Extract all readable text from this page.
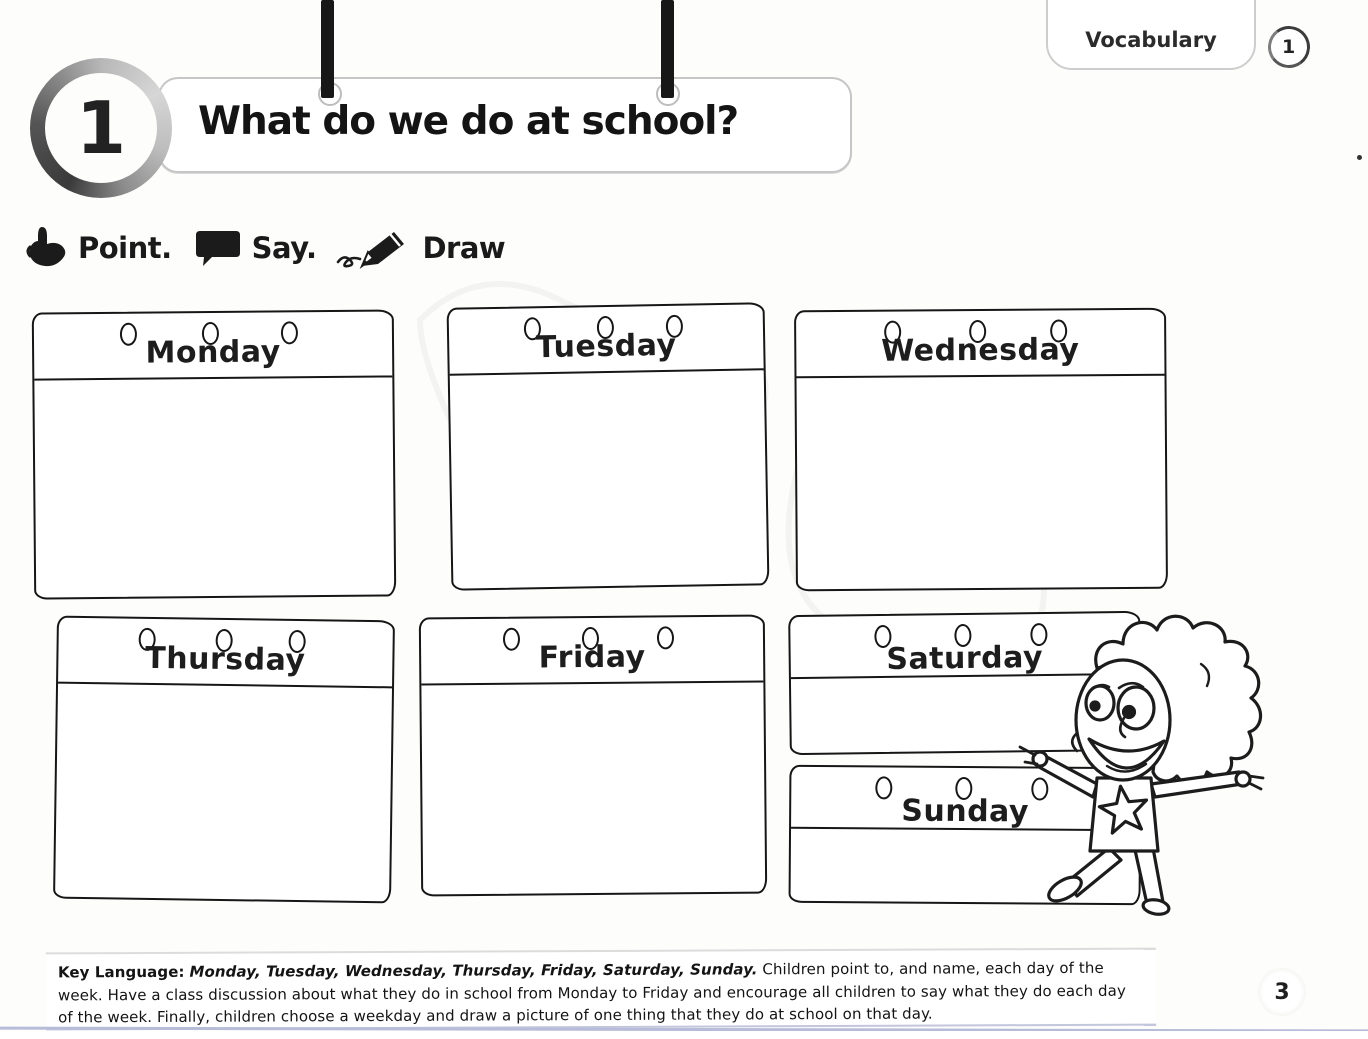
What do we do at school?
1
Vocabulary	1
Point.	Say.	Draw
Monday	Tuesday	Wednesday
Thursday	Friday	Saturday
Sunday

Key Language: Monday, Tuesday, Wednesday, Thursday, Friday, Saturday, Sunday. Children point to, and name, each day of the week. Have a class discussion about what they do in school from Monday to Friday and encourage all children to say what they do each day of the week. Finally, children choose a weekday and draw a picture of one thing that they do at school on that day.

3
